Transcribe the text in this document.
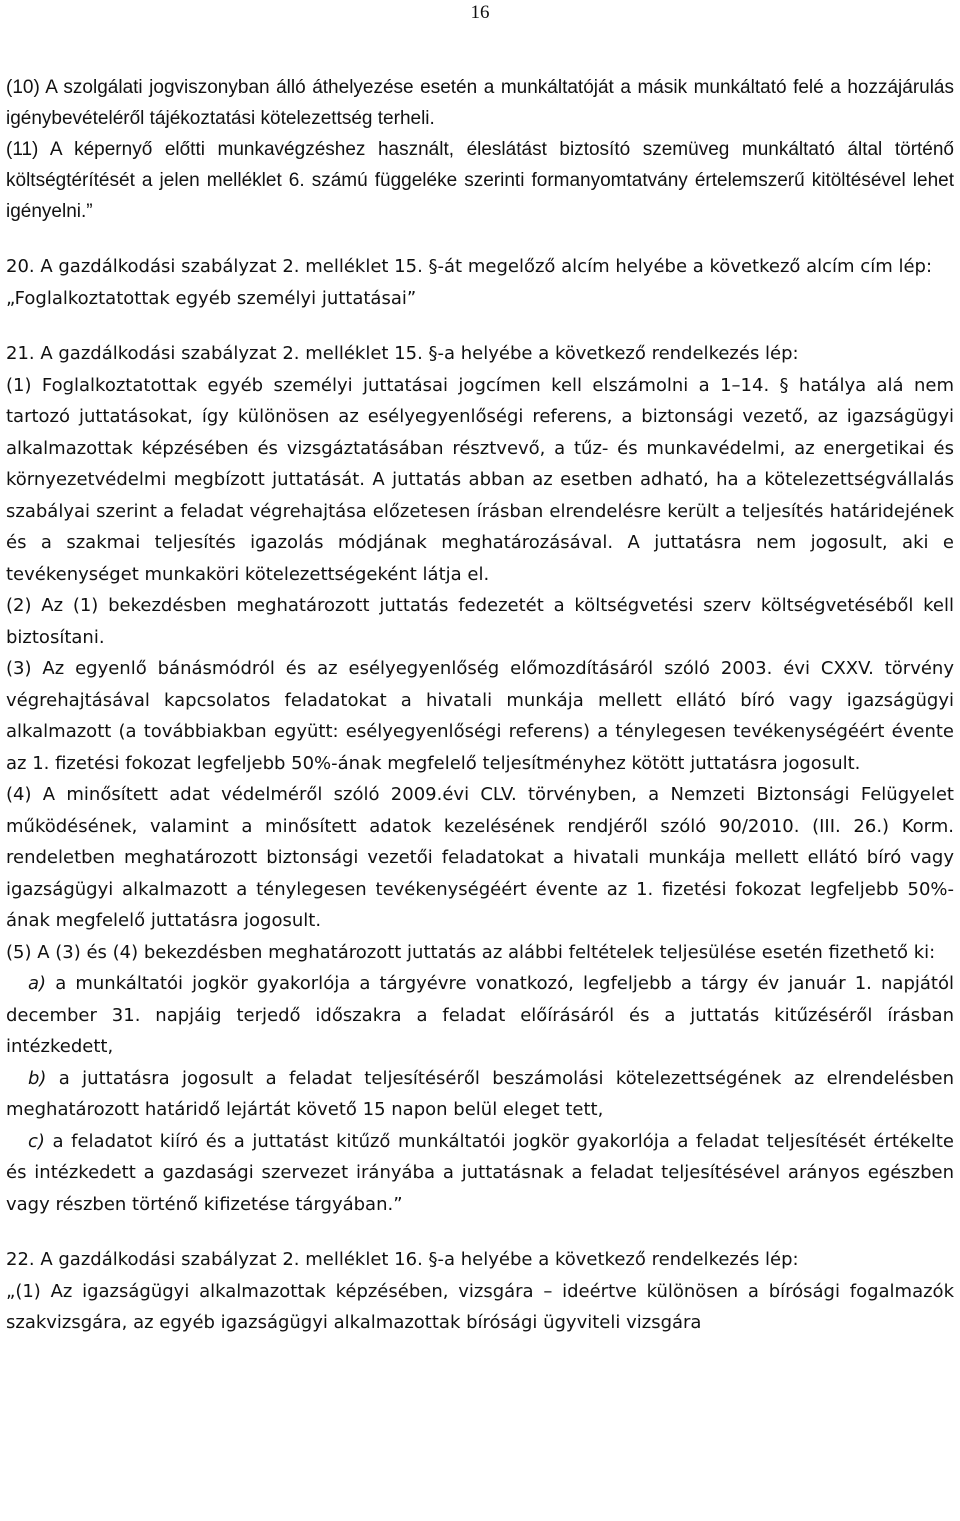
16

(10) A szolgálati jogviszonyban álló áthelyezése esetén a munkáltatóját a másik munkáltató felé a hozzájárulás igénybevételéről tájékoztatási kötelezettség terheli.

(11) A képernyő előtti munkavégzéshez használt, éleslátást biztosító szemüveg munkáltató által történő költségtérítését a jelen melléklet 6. számú függeléke szerinti formanyomtatvány értelemszerű kitöltésével lehet igényelni.”

20. A gazdálkodási szabályzat 2. melléklet 15. §-át megelőző alcím helyébe a következő alcím cím lép:

„Foglalkoztatottak egyéb személyi juttatásai”

21. A gazdálkodási szabályzat 2. melléklet 15. §-a helyébe a következő rendelkezés lép:

(1) Foglalkoztatottak egyéb személyi juttatásai jogcímen kell elszámolni a 1–14. § hatálya alá nem tartozó juttatásokat, így különösen az esélyegyenlőségi referens, a biztonsági vezető, az igazságügyi alkalmazottak képzésében és vizsgáztatásában résztvevő, a tűz- és munkavédelmi, az energetikai és környezetvédelmi megbízott juttatását. A juttatás abban az esetben adható, ha a kötelezettségvállalás szabályai szerint a feladat végrehajtása előzetesen írásban elrendelésre került a teljesítés határidejének és a szakmai teljesítés igazolás módjának meghatározásával. A juttatásra nem jogosult, aki e tevékenységet munkaköri kötelezettségeként látja el.

(2) Az (1) bekezdésben meghatározott juttatás fedezetét a költségvetési szerv költségvetéséből kell biztosítani.

(3) Az egyenlő bánásmódról és az esélyegyenlőség előmozdításáról szóló 2003. évi CXXV. törvény végrehajtásával kapcsolatos feladatokat a hivatali munkája mellett ellátó bíró vagy igazságügyi alkalmazott (a továbbiakban együtt: esélyegyenlőségi referens) a ténylegesen tevékenységéért évente az 1. fizetési fokozat legfeljebb 50%-ának megfelelő teljesítményhez kötött juttatásra jogosult.

(4) A minősített adat védelméről szóló 2009.évi CLV. törvényben, a Nemzeti Biztonsági Felügyelet működésének, valamint a minősített adatok kezelésének rendjéről szóló 90/2010. (III. 26.) Korm. rendeletben meghatározott biztonsági vezetői feladatokat a hivatali munkája mellett ellátó bíró vagy igazságügyi alkalmazott a ténylegesen tevékenységéért évente az 1. fizetési fokozat legfeljebb 50%-ának megfelelő juttatásra jogosult.

(5) A (3) és (4) bekezdésben meghatározott juttatás az alábbi feltételek teljesülése esetén fizethető ki:

a) a munkáltatói jogkör gyakorlója a tárgyévre vonatkozó, legfeljebb a tárgy év január 1. napjától december 31. napjáig terjedő időszakra a feladat előírásáról és a juttatás kitűzéséről írásban intézkedett,

b) a juttatásra jogosult a feladat teljesítéséről beszámolási kötelezettségének az elrendelésben meghatározott határidő lejártát követő 15 napon belül eleget tett,

c) a feladatot kiíró és a juttatást kitűző munkáltatói jogkör gyakorlója a feladat teljesítését értékelte és intézkedett a gazdasági szervezet irányába a juttatásnak a feladat teljesítésével arányos egészben vagy részben történő kifizetése tárgyában.”

22. A gazdálkodási szabályzat 2. melléklet 16. §-a helyébe a következő rendelkezés lép:

„(1) Az igazságügyi alkalmazottak képzésében, vizsgára – ideértve különösen a bírósági fogalmazók szakvizsgára, az egyéb igazságügyi alkalmazottak bírósági ügyviteli vizsgára
